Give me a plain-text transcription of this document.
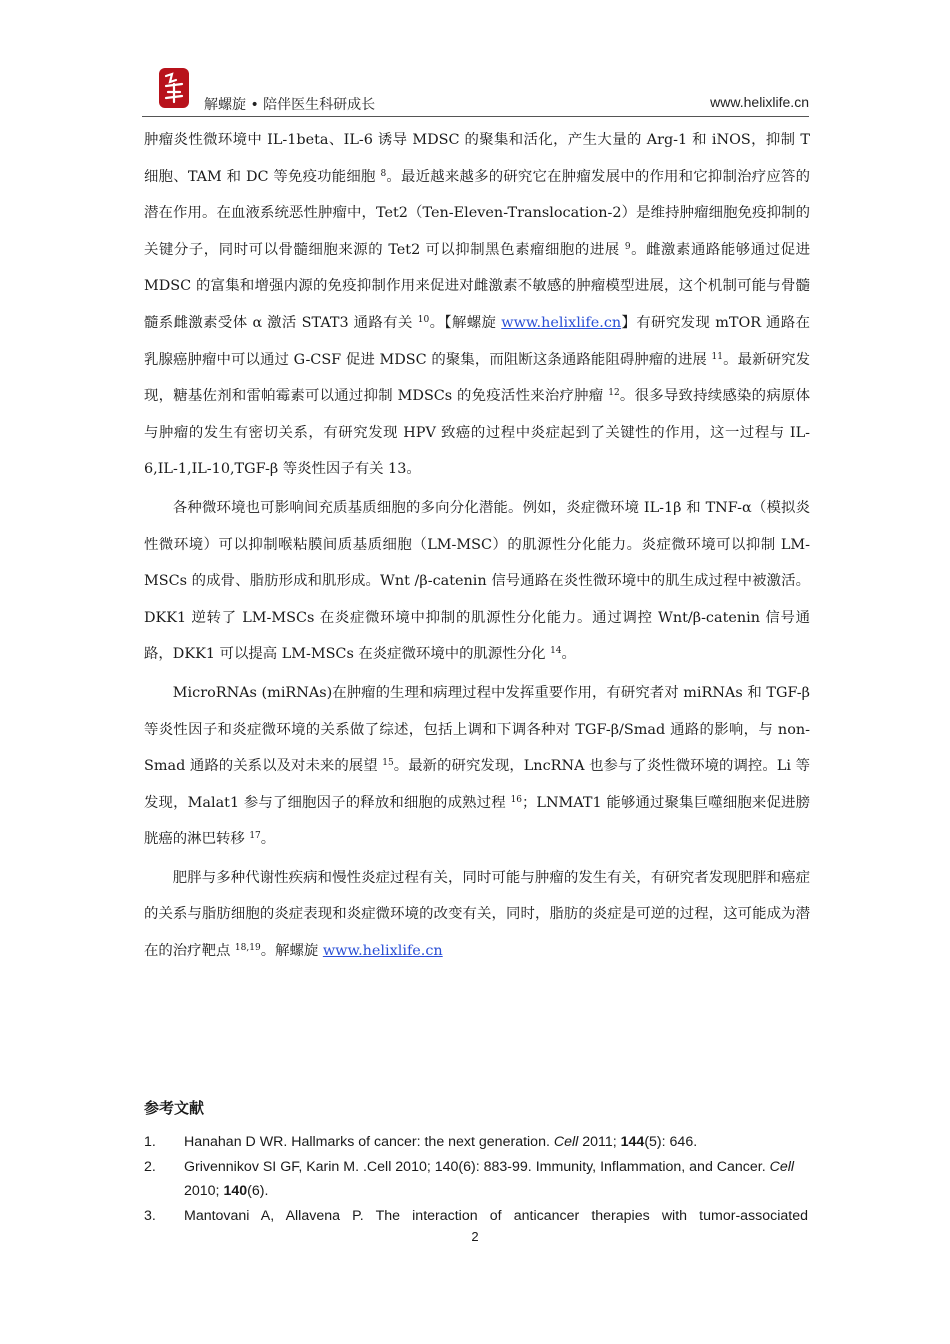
解螺旋 • 陪伴医生科研成长	www.helixlife.cn

肿瘤炎性微环境中 IL-1beta、IL-6 诱导 MDSC 的聚集和活化，产生大量的 Arg-1 和 iNOS，抑制 T 细胞、TAM 和 DC 等免疫功能细胞 $^8$。最近越来越多的研究它在肿瘤发展中的作用和它抑制治疗应答的潜在作用。在血液系统恶性肿瘤中，Tet2（Ten-Eleven-Translocation-2）是维持肿瘤细胞免疫抑制的关键分子，同时可以骨髓细胞来源的 Tet2 可以抑制黑色素瘤细胞的进展 $^9$。雌激素通路能够通过促进 MDSC 的富集和增强内源的免疫抑制作用来促进对雌激素不敏感的肿瘤模型进展，这个机制可能与骨髓髓系雌激素受体 α 激活 STAT3 通路有关 $^{10}$。【解螺旋 www.helixlife.cn】有研究发现 mTOR 通路在乳腺癌肿瘤中可以通过 G-CSF 促进 MDSC 的聚集，而阻断这条通路能阻碍肿瘤的进展 $^{11}$。最新研究发现，糖基佐剂和雷帕霉素可以通过抑制 MDSCs 的免疫活性来治疗肿瘤 $^{12}$。很多导致持续感染的病原体与肿瘤的发生有密切关系，有研究发现 HPV 致癌的过程中炎症起到了关键性的作用，这一过程与 IL-6,IL-1,IL-10,TGF-β 等炎性因子有关 13。

各种微环境也可影响间充质基质细胞的多向分化潜能。例如，炎症微环境 IL-1β 和 TNF-α（模拟炎性微环境）可以抑制喉粘膜间质基质细胞（LM-MSC）的肌源性分化能力。炎症微环境可以抑制 LM-MSCs 的成骨、脂肪形成和肌形成。Wnt /β-catenin 信号通路在炎性微环境中的肌生成过程中被激活。DKK1 逆转了 LM-MSCs 在炎症微环境中抑制的肌源性分化能力。通过调控 Wnt/β-catenin 信号通路，DKK1 可以提高 LM-MSCs 在炎症微环境中的肌源性分化 $^{14}$。

MicroRNAs (miRNAs)在肿瘤的生理和病理过程中发挥重要作用，有研究者对 miRNAs 和 TGF-β 等炎性因子和炎症微环境的关系做了综述，包括上调和下调各种对 TGF-β/Smad 通路的影响，与 non-Smad 通路的关系以及对未来的展望 $^{15}$。最新的研究发现，LncRNA 也参与了炎性微环境的调控。Li 等发现，Malat1 参与了细胞因子的释放和细胞的成熟过程 $^{16}$；LNMAT1 能够通过聚集巨噬细胞来促进膀胱癌的淋巴转移 $^{17}$。

肥胖与多种代谢性疾病和慢性炎症过程有关，同时可能与肿瘤的发生有关，有研究者发现肥胖和癌症的关系与脂肪细胞的炎症表现和炎症微环境的改变有关，同时，脂肪的炎症是可逆的过程，这可能成为潜在的治疗靶点 $^{18,19}$。解螺旋 www.helixlife.cn

参考文献
1.	Hanahan D WR. Hallmarks of cancer: the next generation. Cell 2011; 144(5): 646.
2.	Grivennikov SI GF, Karin M. .Cell 2010; 140(6): 883-99. Immunity, Inflammation, and Cancer. Cell 2010; 140(6).
3.	Mantovani A, Allavena P. The interaction of anticancer therapies with tumor-associated
2
